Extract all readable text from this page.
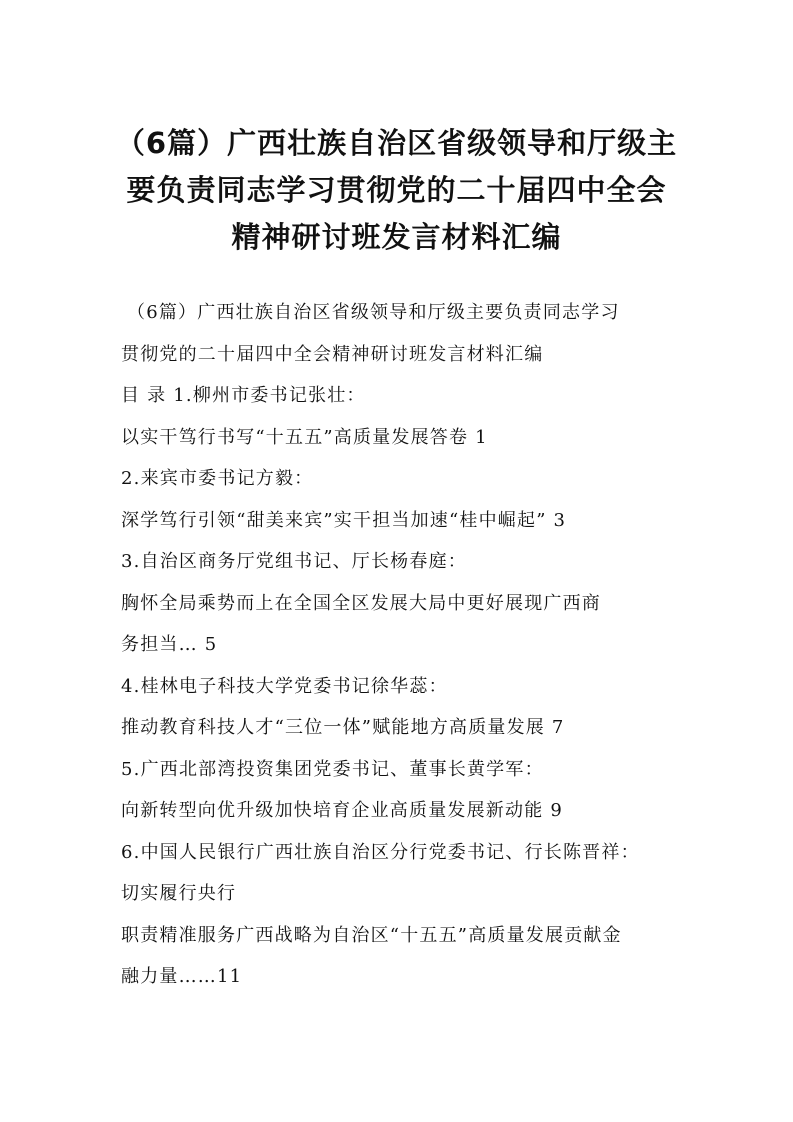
（6篇）广西壮族自治区省级领导和厅级主
要负责同志学习贯彻党的二十届四中全会
精神研讨班发言材料汇编
（6篇）广西壮族自治区省级领导和厅级主要负责同志学习
贯彻党的二十届四中全会精神研讨班发言材料汇编
目 录 1.柳州市委书记张壮：
以实干笃行书写“十五五”高质量发展答卷 1
2.来宾市委书记方毅：
深学笃行引领“甜美来宾”实干担当加速“桂中崛起” 3
3.自治区商务厅党组书记、厅长杨春庭：
胸怀全局乘势而上在全国全区发展大局中更好展现广西商
务担当… 5
4.桂林电子科技大学党委书记徐华蕊：
推动教育科技人才“三位一体”赋能地方高质量发展 7
5.广西北部湾投资集团党委书记、董事长黄学军：
向新转型向优升级加快培育企业高质量发展新动能 9
6.中国人民银行广西壮族自治区分行党委书记、行长陈晋祥：
切实履行央行
职责精准服务广西战略为自治区“十五五”高质量发展贡献金
融力量……11
